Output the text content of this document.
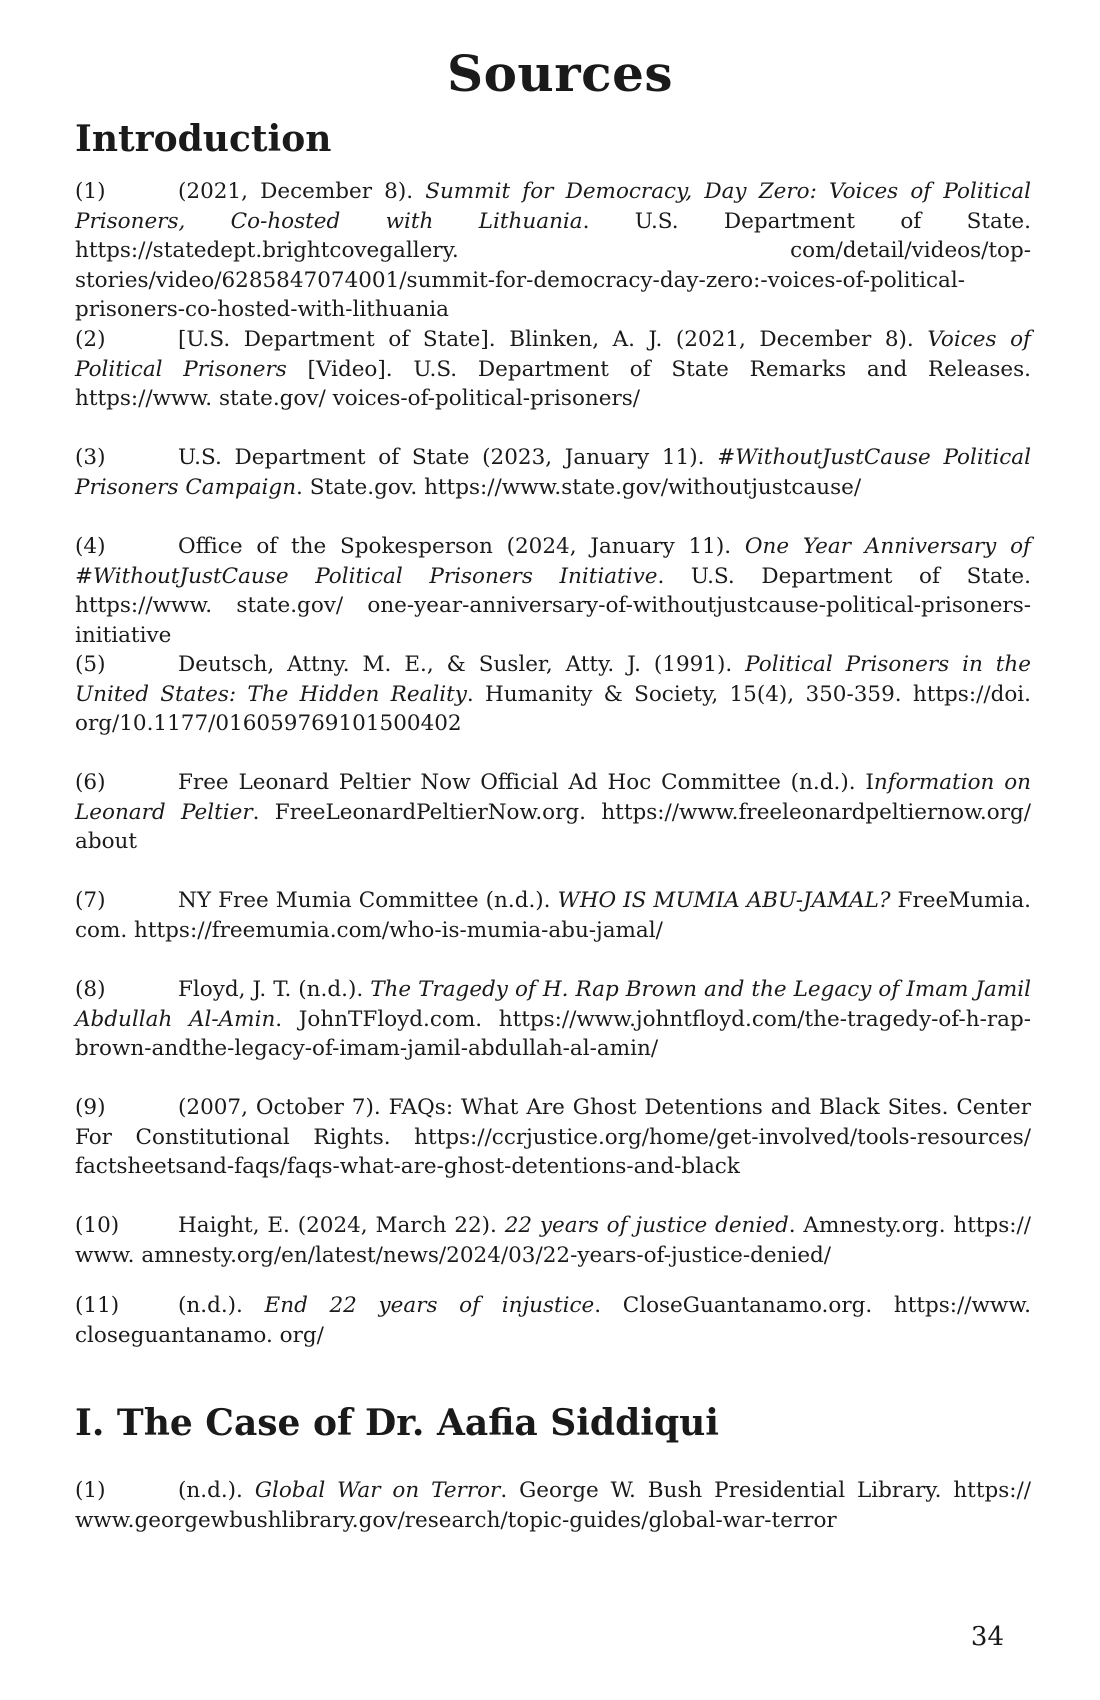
Sources
Introduction
(1)	(2021, December 8). Summit for Democracy, Day Zero: Voices of Political Prisoners, Co-hosted with Lithuania. U.S. Department of State. https://statedept.brightcovegallery. com/detail/videos/top-stories/video/6285847074001/summit-for-democracy-day-zero:-voices-of-political-prisoners-co-hosted-with-lithuania
(2)	[U.S. Department of State]. Blinken, A. J. (2021, December 8). Voices of Political Prisoners [Video]. U.S. Department of State Remarks and Releases. https://www. state.gov/ voices-of-political-prisoners/
(3)	U.S. Department of State (2023, January 11). #WithoutJustCause Political Prisoners Campaign. State.gov. https://www.state.gov/withoutjustcause/
(4)	Office of the Spokesperson (2024, January 11). One Year Anniversary of #WithoutJustCause Political Prisoners Initiative. U.S. Department of State. https://www. state.gov/ one-year-anniversary-of-withoutjustcause-political-prisoners-initiative
(5)	Deutsch, Attny. M. E., & Susler, Atty. J. (1991). Political Prisoners in the United States: The Hidden Reality. Humanity & Society, 15(4), 350-359. https://doi. org/10.1177/016059769101500402
(6)	Free Leonard Peltier Now Official Ad Hoc Committee (n.d.). Information on Leonard Peltier. FreeLeonardPeltierNow.org. https://www.freeleonardpeltiernow.org/ about
(7)	NY Free Mumia Committee (n.d.). WHO IS MUMIA ABU-JAMAL? FreeMumia. com. https://freemumia.com/who-is-mumia-abu-jamal/
(8)	Floyd, J. T. (n.d.). The Tragedy of H. Rap Brown and the Legacy of Imam Jamil Abdullah Al-Amin. JohnTFloyd.com. https://www.johntfloyd.com/the-tragedy-of-h-rapbrown-andthe-legacy-of-imam-jamil-abdullah-al-amin/
(9)	(2007, October 7). FAQs: What Are Ghost Detentions and Black Sites. Center For Constitutional Rights. https://ccrjustice.org/home/get-involved/tools-resources/ factsheetsand-faqs/faqs-what-are-ghost-detentions-and-black
(10)	Haight, E. (2024, March 22). 22 years of justice denied. Amnesty.org. https:// www. amnesty.org/en/latest/news/2024/03/22-years-of-justice-denied/
(11)	(n.d.). End 22 years of injustice. CloseGuantanamo.org. https://www. closeguantanamo. org/
I. The Case of Dr. Aafia Siddiqui
(1)	(n.d.). Global War on Terror. George W. Bush Presidential Library. https:// www.georgewbushlibrary.gov/research/topic-guides/global-war-terror
34
